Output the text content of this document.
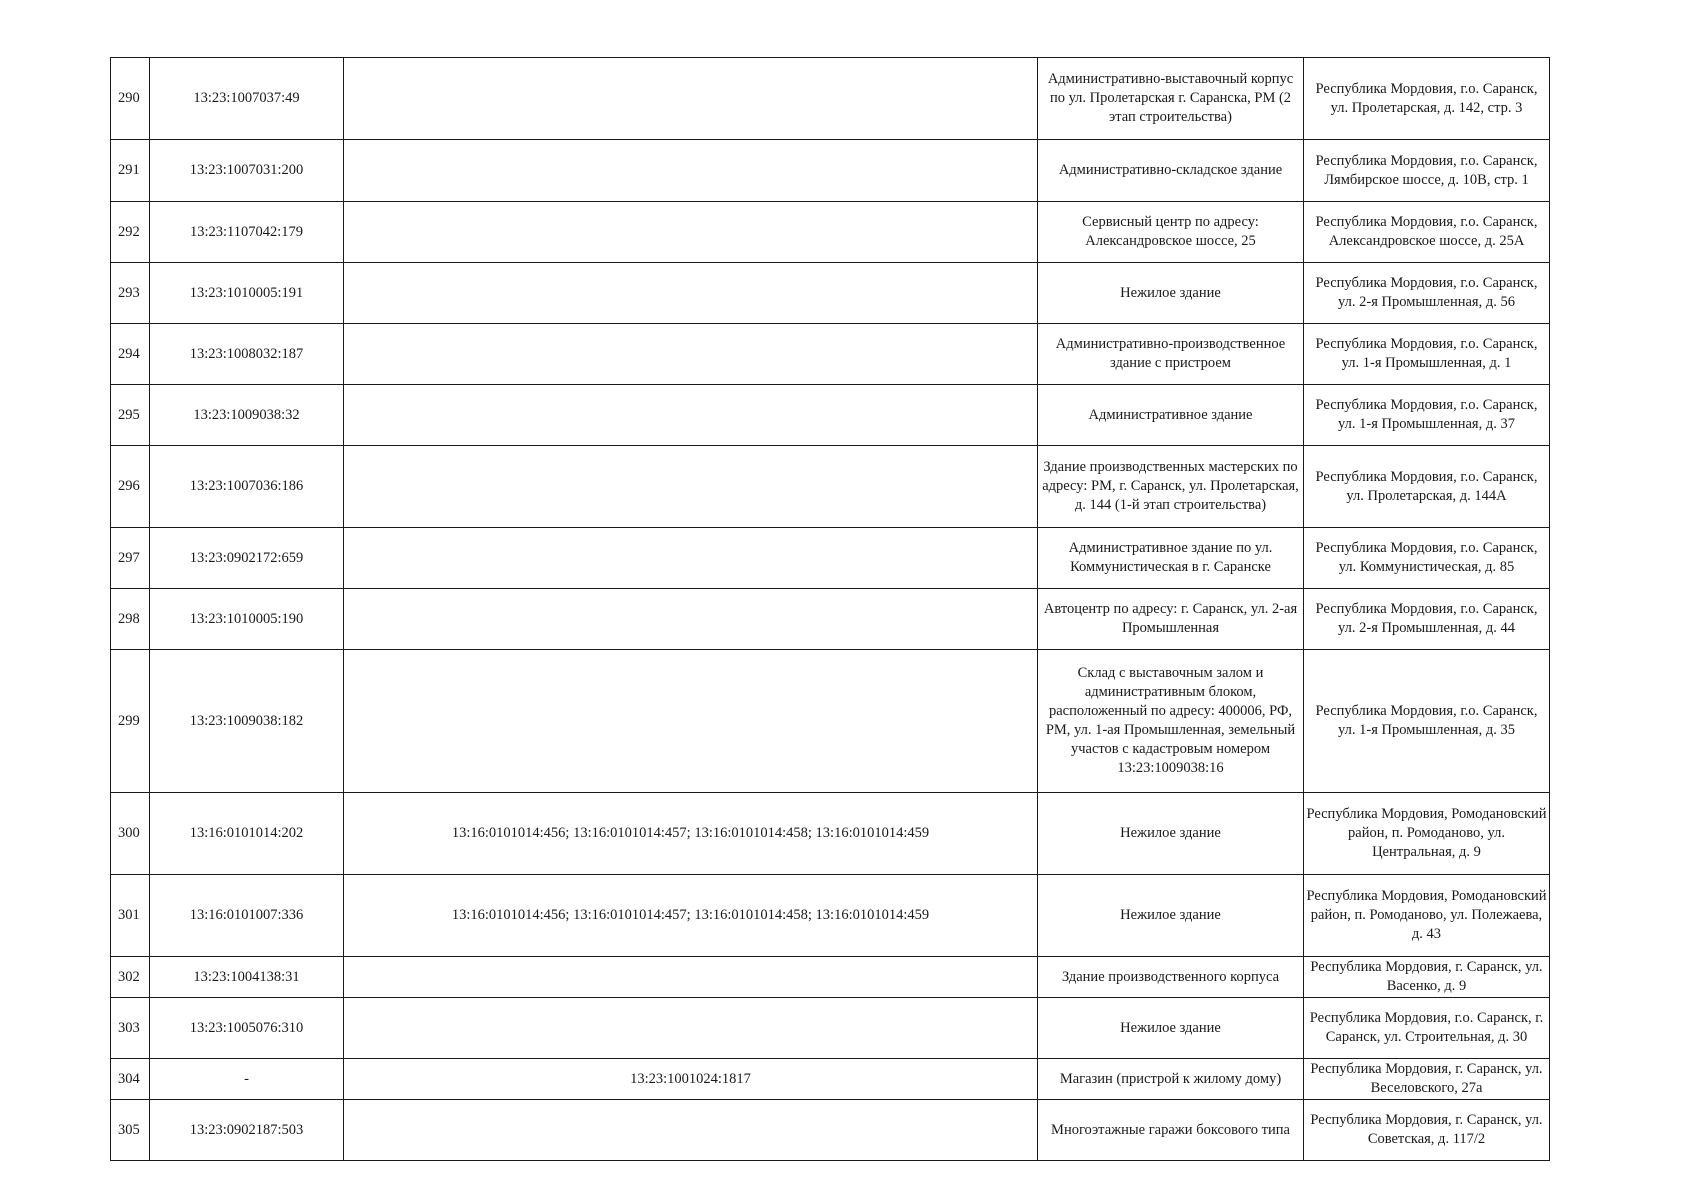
290	13:23:1007037:49		Административно-выставочный корпус по ул. Пролетарская г. Саранска, РМ (2 этап строительства)	Республика Мордовия, г.о. Саранск, ул. Пролетарская, д. 142, стр. 3
291	13:23:1007031:200		Административно-складское здание	Республика Мордовия, г.о. Саранск, Лямбирское шоссе, д. 10В, стр. 1
292	13:23:1107042:179		Сервисный центр по адресу: Александровское шоссе, 25	Республика Мордовия, г.о. Саранск, Александровское шоссе, д. 25А
293	13:23:1010005:191		Нежилое здание	Республика Мордовия, г.о. Саранск, ул. 2-я Промышленная, д. 56
294	13:23:1008032:187		Административно-производственное здание с пристроем	Республика Мордовия, г.о. Саранск, ул. 1-я Промышленная, д. 1
295	13:23:1009038:32		Административное здание	Республика Мордовия, г.о. Саранск, ул. 1-я Промышленная, д. 37
296	13:23:1007036:186		Здание производственных мастерских по адресу: РМ, г. Саранск, ул. Пролетарская, д. 144 (1-й этап строительства)	Республика Мордовия, г.о. Саранск, ул. Пролетарская, д. 144А
297	13:23:0902172:659		Административное здание по ул. Коммунистическая в г. Саранске	Республика Мордовия, г.о. Саранск, ул. Коммунистическая, д. 85
298	13:23:1010005:190		Автоцентр по адресу: г. Саранск, ул. 2-ая Промышленная	Республика Мордовия, г.о. Саранск, ул. 2-я Промышленная, д. 44
299	13:23:1009038:182		Склад с выставочным залом и административным блоком, расположенный по адресу: 400006, РФ, РМ, ул. 1-ая Промышленная, земельный участов с кадастровым номером 13:23:1009038:16	Республика Мордовия, г.о. Саранск, ул. 1-я Промышленная, д. 35
300	13:16:0101014:202	13:16:0101014:456; 13:16:0101014:457; 13:16:0101014:458; 13:16:0101014:459	Нежилое здание	Республика Мордовия, Ромодановский район, п. Ромоданово, ул. Центральная, д. 9
301	13:16:0101007:336	13:16:0101014:456; 13:16:0101014:457; 13:16:0101014:458; 13:16:0101014:459	Нежилое здание	Республика Мордовия, Ромодановский район, п. Ромоданово, ул. Полежаева, д. 43
302	13:23:1004138:31		Здание производственного корпуса	Республика Мордовия, г. Саранск, ул. Васенко, д. 9
303	13:23:1005076:310		Нежилое здание	Республика Мордовия, г.о. Саранск, г. Саранск, ул. Строительная, д. 30
304	-	13:23:1001024:1817	Магазин (пристрой к жилому дому)	Республика Мордовия, г. Саранск, ул. Веселовского, 27а
305	13:23:0902187:503		Многоэтажные гаражи боксового типа	Республика Мордовия, г. Саранск, ул. Советская, д. 117/2
